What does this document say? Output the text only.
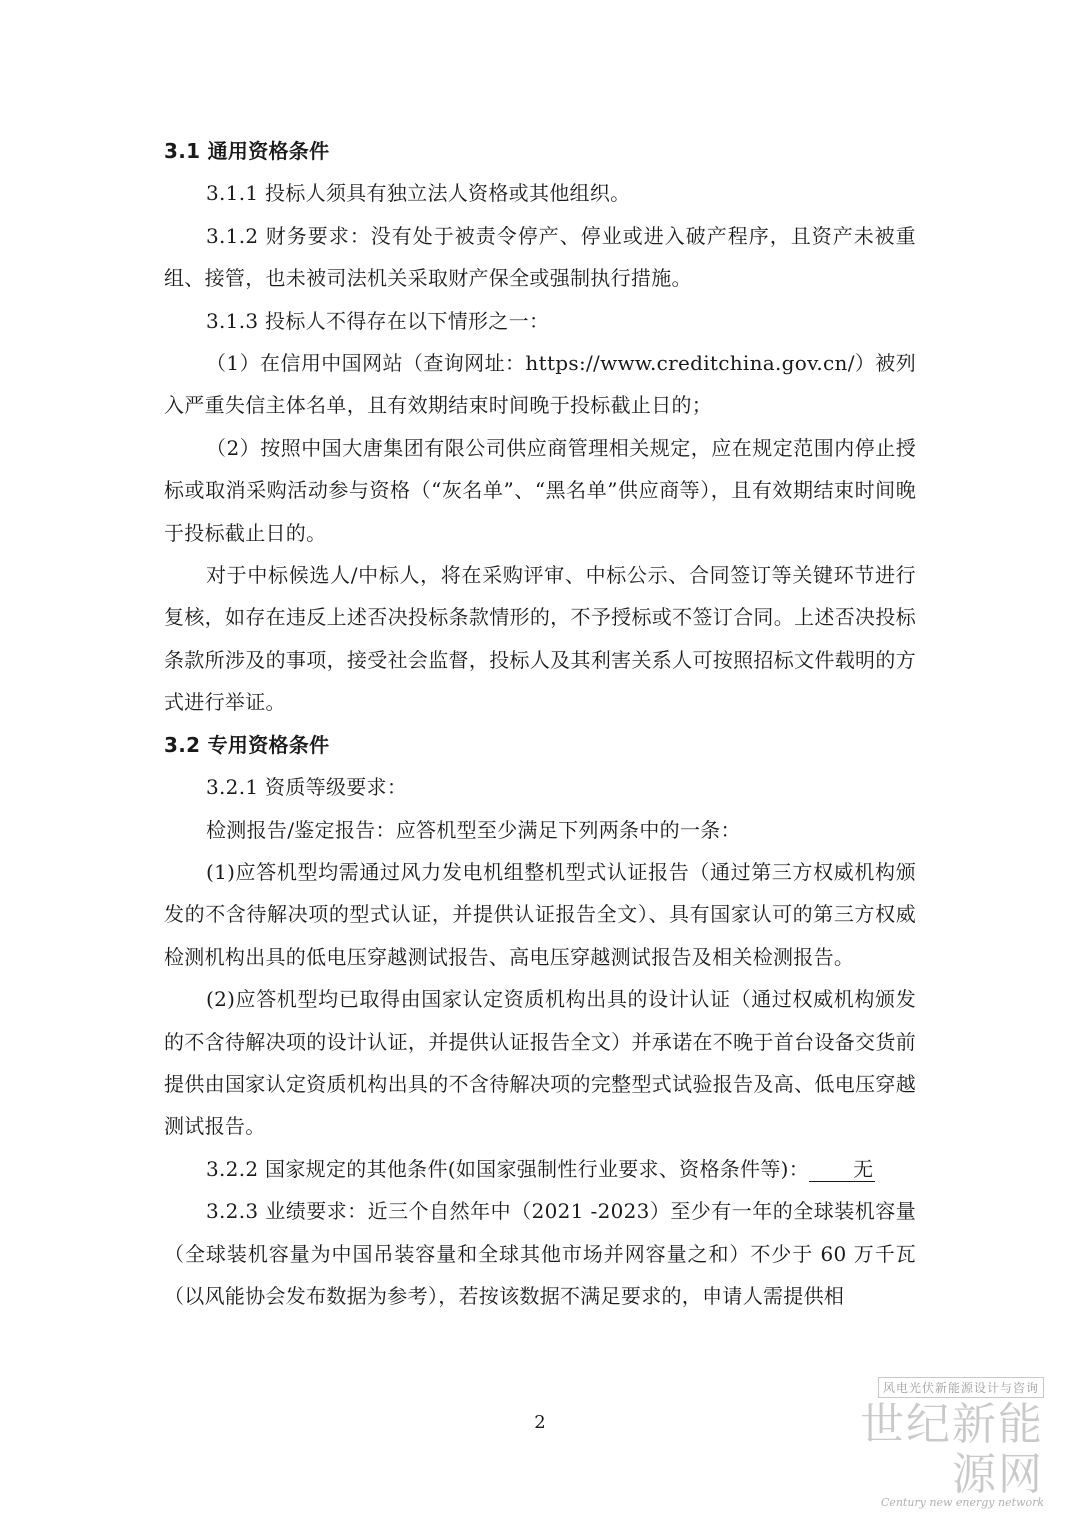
3.1 通用资格条件

3.1.1 投标人须具有独立法人资格或其他组织。

3.1.2 财务要求：没有处于被责令停产、停业或进入破产程序，且资产未被重组、接管，也未被司法机关采取财产保全或强制执行措施。

3.1.3 投标人不得存在以下情形之一：

（1）在信用中国网站（查询网址：https://www.creditchina.gov.cn/）被列入严重失信主体名单，且有效期结束时间晚于投标截止日的；

（2）按照中国大唐集团有限公司供应商管理相关规定，应在规定范围内停止授标或取消采购活动参与资格（“灰名单”、“黑名单”供应商等），且有效期结束时间晚于投标截止日的。

对于中标候选人/中标人，将在采购评审、中标公示、合同签订等关键环节进行复核，如存在违反上述否决投标条款情形的，不予授标或不签订合同。上述否决投标条款所涉及的事项，接受社会监督，投标人及其利害关系人可按照招标文件载明的方式进行举证。

3.2 专用资格条件

3.2.1 资质等级要求：

检测报告/鉴定报告：应答机型至少满足下列两条中的一条：

(1)应答机型均需通过风力发电机组整机型式认证报告（通过第三方权威机构颁发的不含待解决项的型式认证，并提供认证报告全文）、具有国家认可的第三方权威检测机构出具的低电压穿越测试报告、高电压穿越测试报告及相关检测报告。

(2)应答机型均已取得由国家认定资质机构出具的设计认证（通过权威机构颁发的不含待解决项的设计认证，并提供认证报告全文）并承诺在不晚于首台设备交货前提供由国家认定资质机构出具的不含待解决项的完整型式试验报告及高、低电压穿越测试报告。

3.2.2 国家规定的其他条件(如国家强制性行业要求、资格条件等)： 无

3.2.3 业绩要求：近三个自然年中（2021 -2023）至少有一年的全球装机容量（全球装机容量为中国吊装容量和全球其他市场并网容量之和）不少于 60 万千瓦（以风能协会发布数据为参考），若按该数据不满足要求的，申请人需提供相

2
风电光伏新能源设计与咨询
世纪新能源网
Century new energy network
